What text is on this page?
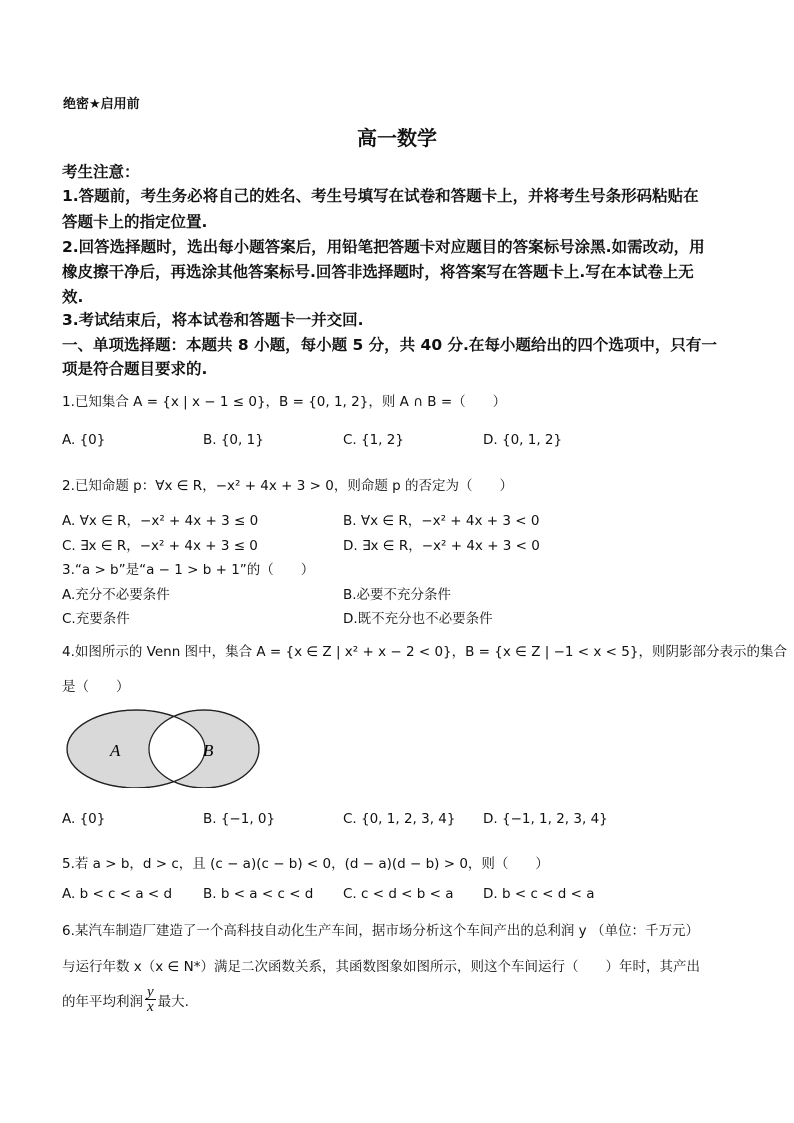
绝密★启用前
高一数学
考生注意：
1.答题前，考生务必将自己的姓名、考生号填写在试卷和答题卡上，并将考生号条形码粘贴在
答题卡上的指定位置.
2.回答选择题时，选出每小题答案后，用铅笔把答题卡对应题目的答案标号涂黑.如需改动，用
橡皮擦干净后，再选涂其他答案标号.回答非选择题时，将答案写在答题卡上.写在本试卷上无
效.
3.考试结束后，将本试卷和答题卡一并交回.
一、单项选择题：本题共 8 小题，每小题 5 分，共 40 分.在每小题给出的四个选项中，只有一
项是符合题目要求的.
1.已知集合 A = {x | x − 1 ≤ 0}，B = {0, 1, 2}，则 A ∩ B =（　　）
A. {0}	B. {0, 1}	C. {1, 2}	D. {0, 1, 2}
2.已知命题 p：∀x ∈ R，−x² + 4x + 3 > 0，则命题 p 的否定为（　　）
A. ∀x ∈ R，−x² + 4x + 3 ≤ 0	B. ∀x ∈ R，−x² + 4x + 3 < 0
C. ∃x ∈ R，−x² + 4x + 3 ≤ 0	D. ∃x ∈ R，−x² + 4x + 3 < 0
3.“a > b”是“a − 1 > b + 1”的（　　）
A.充分不必要条件	B.必要不充分条件
C.充要条件	D.既不充分也不必要条件
4.如图所示的 Venn 图中，集合 A = {x ∈ Z | x² + x − 2 < 0}，B = {x ∈ Z | −1 < x < 5}，则阴影部分表示的集合
是（　　）
A	B
A. {0}	B. {−1, 0}	C. {0, 1, 2, 3, 4} D. {−1, 1, 2, 3, 4}
5.若 a > b，d > c，且 (c − a)(c − b) < 0，(d − a)(d − b) > 0，则（　　）
A. b < c < a < d B. b < a < c < d C. c < d < b < a D. b < c < d < a
6.某汽车制造厂建造了一个高科技自动化生产车间，据市场分析这个车间产出的总利润 y （单位：千万元）
与运行年数 x（x ∈ N*）满足二次函数关系，其函数图象如图所示，则这个车间运行（　　）年时，其产出
的年平均利润 $\frac{y}{x}$ 最大.
